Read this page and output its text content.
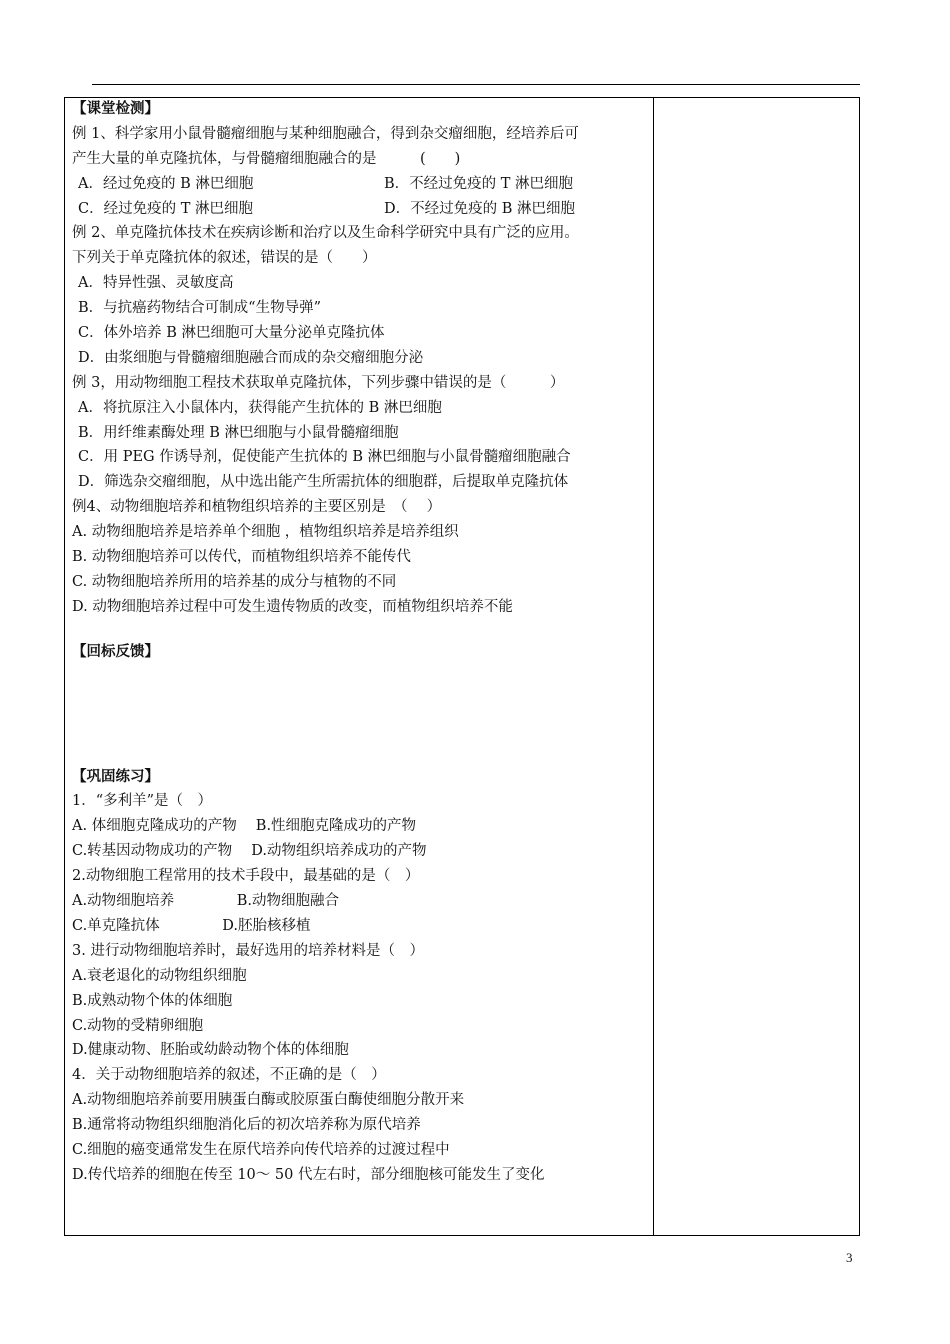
【课堂检测】
例 1、科学家用小鼠骨髓瘤细胞与某种细胞融合，得到杂交瘤细胞，经培养后可
产生大量的单克隆抗体，与骨髓瘤细胞融合的是　　　(　　)
A．经过免疫的 B 淋巴细胞	B．不经过免疫的 T 淋巴细胞
C．经过免疫的 T 淋巴细胞	D．不经过免疫的 B 淋巴细胞
例 2、单克隆抗体技术在疾病诊断和治疗以及生命科学研究中具有广泛的应用。
下列关于单克隆抗体的叙述，错误的是（　　）
A．特异性强、灵敏度高
B．与抗癌药物结合可制成“生物导弹”
C．体外培养 B 淋巴细胞可大量分泌单克隆抗体
D．由浆细胞与骨髓瘤细胞融合而成的杂交瘤细胞分泌
例 3，用动物细胞工程技术获取单克隆抗体，下列步骤中错误的是（　　　）
A．将抗原注入小鼠体内，获得能产生抗体的 B 淋巴细胞
B．用纤维素酶处理 B 淋巴细胞与小鼠骨髓瘤细胞
C．用 PEG 作诱导剂，促使能产生抗体的 B 淋巴细胞与小鼠骨髓瘤细胞融合
D．筛选杂交瘤细胞，从中选出能产生所需抗体的细胞群，后提取单克隆抗体
例4、动物细胞培养和植物组织培养的主要区别是　（　 ）
A. 动物细胞培养是培养单个细胞 ，植物组织培养是培养组织
B. 动物细胞培养可以传代，而植物组织培养不能传代
C. 动物细胞培养所用的培养基的成分与植物的不同
D. 动物细胞培养过程中可发生遗传物质的改变，而植物组织培养不能
【回标反馈】
【巩固练习】
1．“多利羊”是（　）
A. 体细胞克隆成功的产物　 B.性细胞克隆成功的产物
C.转基因动物成功的产物　 D.动物组织培养成功的产物
2.动物细胞工程常用的技术手段中，最基础的是（　）
A.动物细胞培养　　　　 B.动物细胞融合
C.单克隆抗体　　　　 D.胚胎核移植
3. 进行动物细胞培养时，最好选用的培养材料是（　）
A.衰老退化的动物组织细胞
B.成熟动物个体的体细胞
C.动物的受精卵细胞
D.健康动物、胚胎或幼龄动物个体的体细胞
4．关于动物细胞培养的叙述，不正确的是（　）
A.动物细胞培养前要用胰蛋白酶或胶原蛋白酶使细胞分散开来
B.通常将动物组织细胞消化后的初次培养称为原代培养
C.细胞的癌变通常发生在原代培养向传代培养的过渡过程中
D.传代培养的细胞在传至 10～ 50 代左右时，部分细胞核可能发生了变化
3
